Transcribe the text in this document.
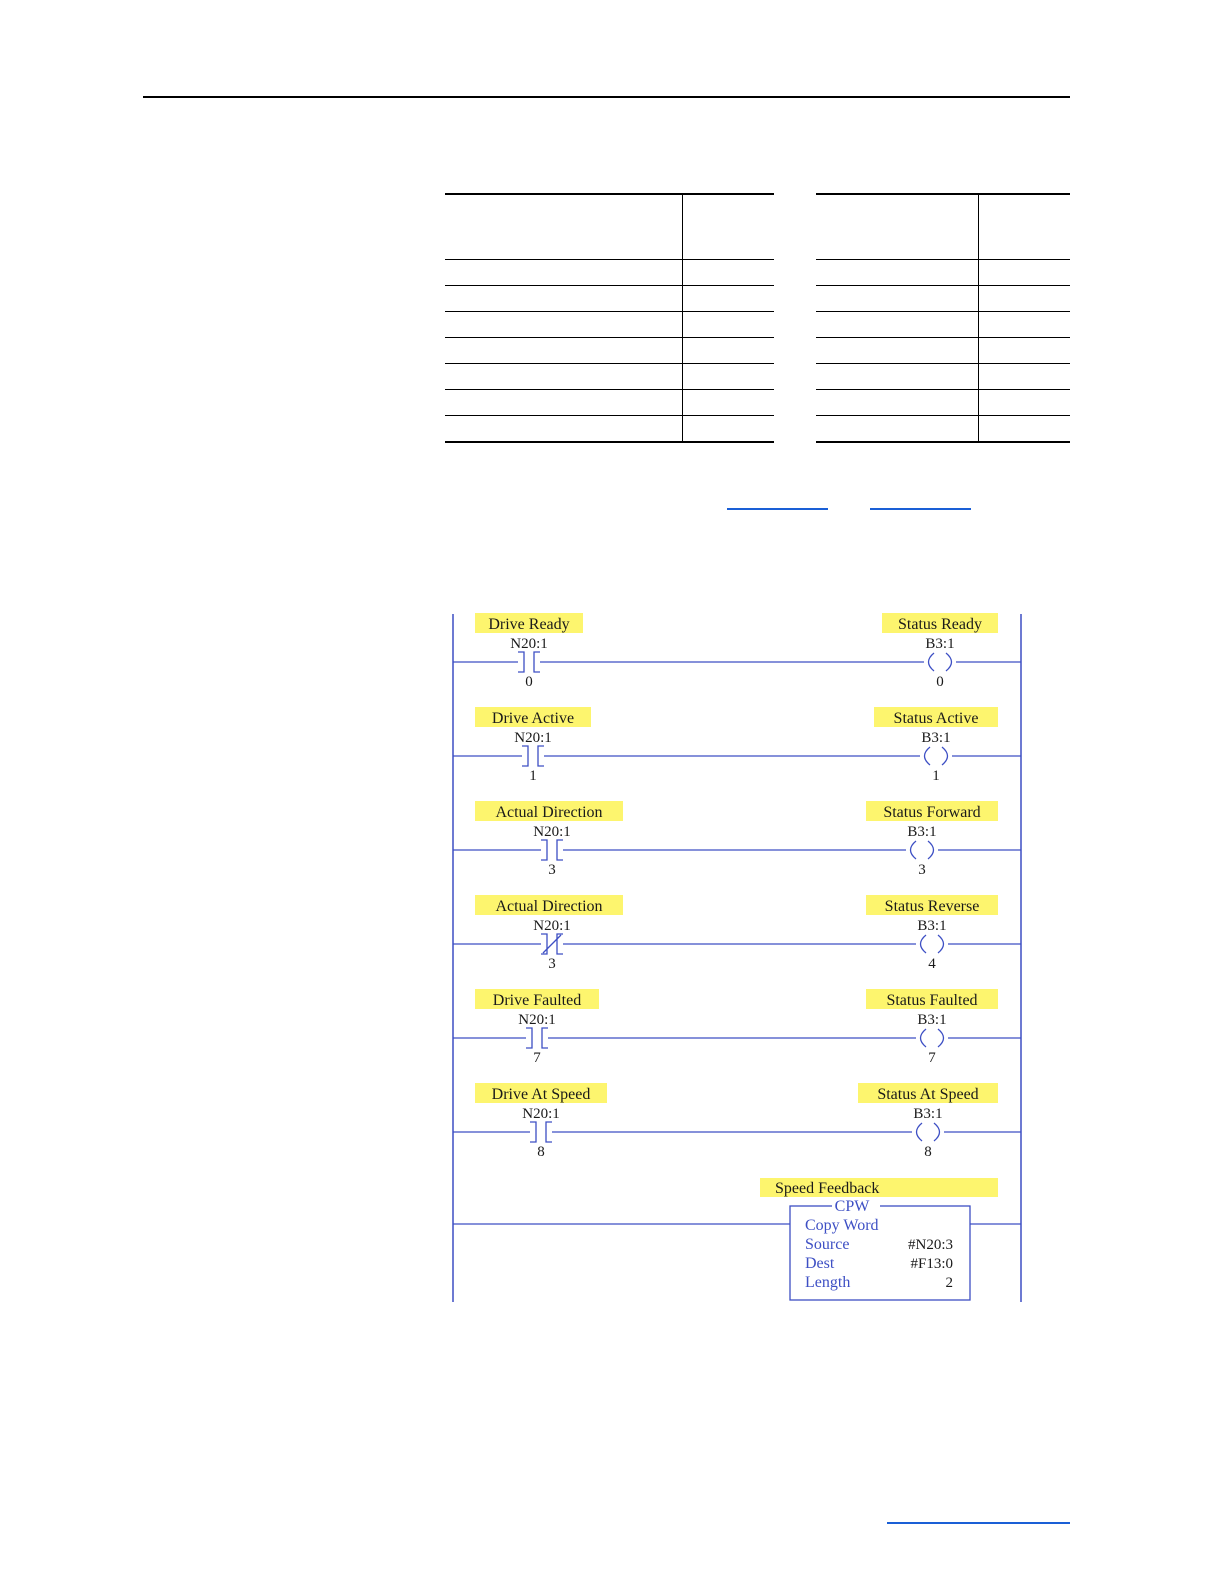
Drive Ready
N20:1
0
Status Ready
B3:1
0
Drive Active
N20:1
1
Status Active
B3:1
1
Actual Direction
N20:1
3
Status Forward
B3:1
3
Actual Direction
N20:1
3
Status Reverse
B3:1
4
Drive Faulted
N20:1
7
Status Faulted
B3:1
7
Drive At Speed
N20:1
8
Status At Speed
B3:1
8
Speed Feedback
CPW
Copy Word
Source	#N20:3
Dest	#F13:0
Length	2
